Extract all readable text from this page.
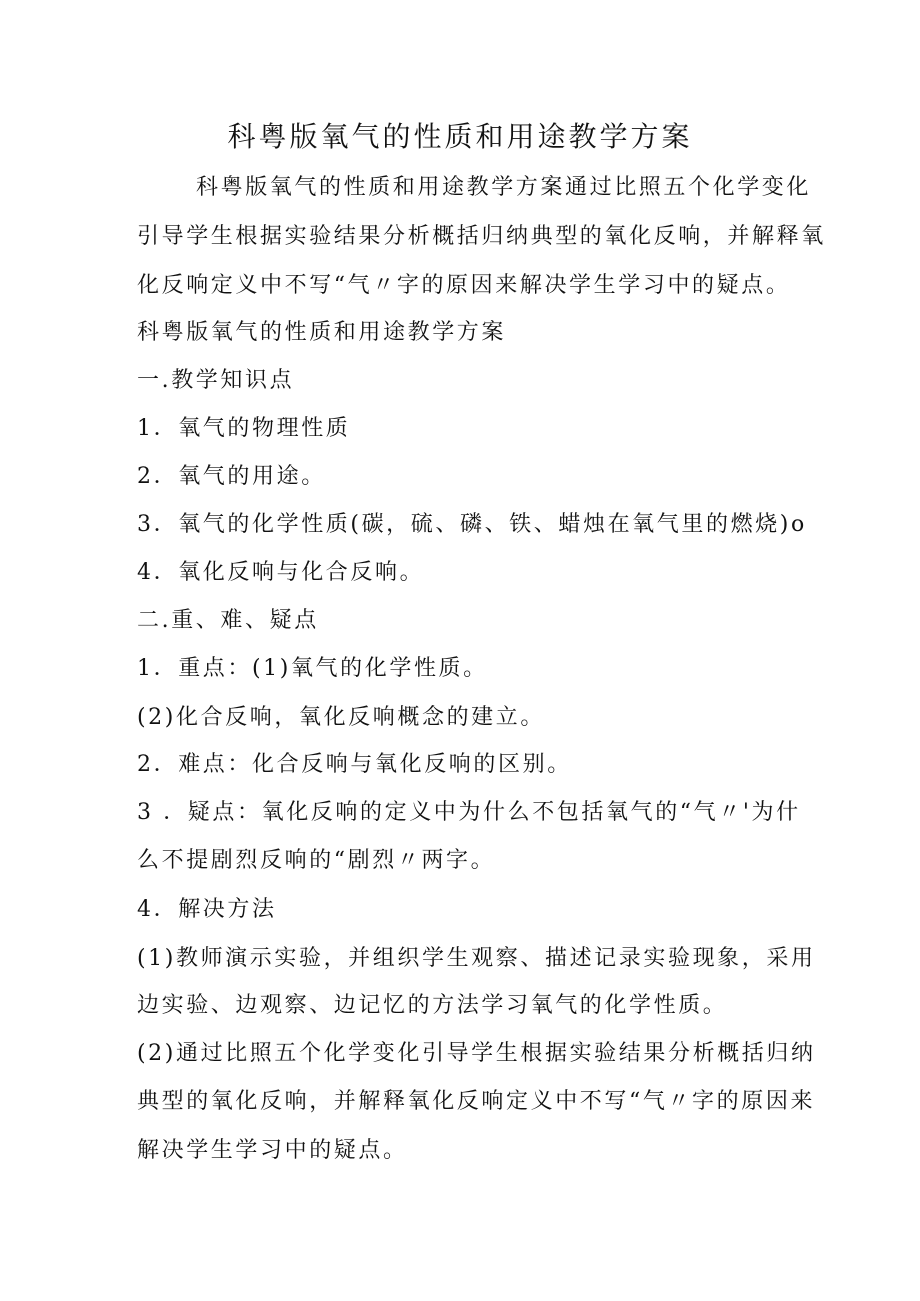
科粤版氧气的性质和用途教学方案
科粤版氧气的性质和用途教学方案通过比照五个化学变化
引导学生根据实验结果分析概括归纳典型的氧化反响，并解释氧
化反响定义中不写“气〃字的原因来解决学生学习中的疑点。
科粤版氧气的性质和用途教学方案
一.教学知识点
1．氧气的物理性质
2．氧气的用途。
3．氧气的化学性质(碳，硫、磷、铁、蜡烛在氧气里的燃烧)o
4．氧化反响与化合反响。
二.重、难、疑点
1．重点：(1)氧气的化学性质。
(2)化合反响，氧化反响概念的建立。
2．难点：化合反响与氧化反响的区别。
3 ．疑点：氧化反响的定义中为什么不包括氧气的“气〃'为什
么不提剧烈反响的“剧烈〃两字。
4．解决方法
(1)教师演示实验，并组织学生观察、描述记录实验现象，采用
边实验、边观察、边记忆的方法学习氧气的化学性质。
(2)通过比照五个化学变化引导学生根据实验结果分析概括归纳
典型的氧化反响，并解释氧化反响定义中不写“气〃字的原因来
解决学生学习中的疑点。
